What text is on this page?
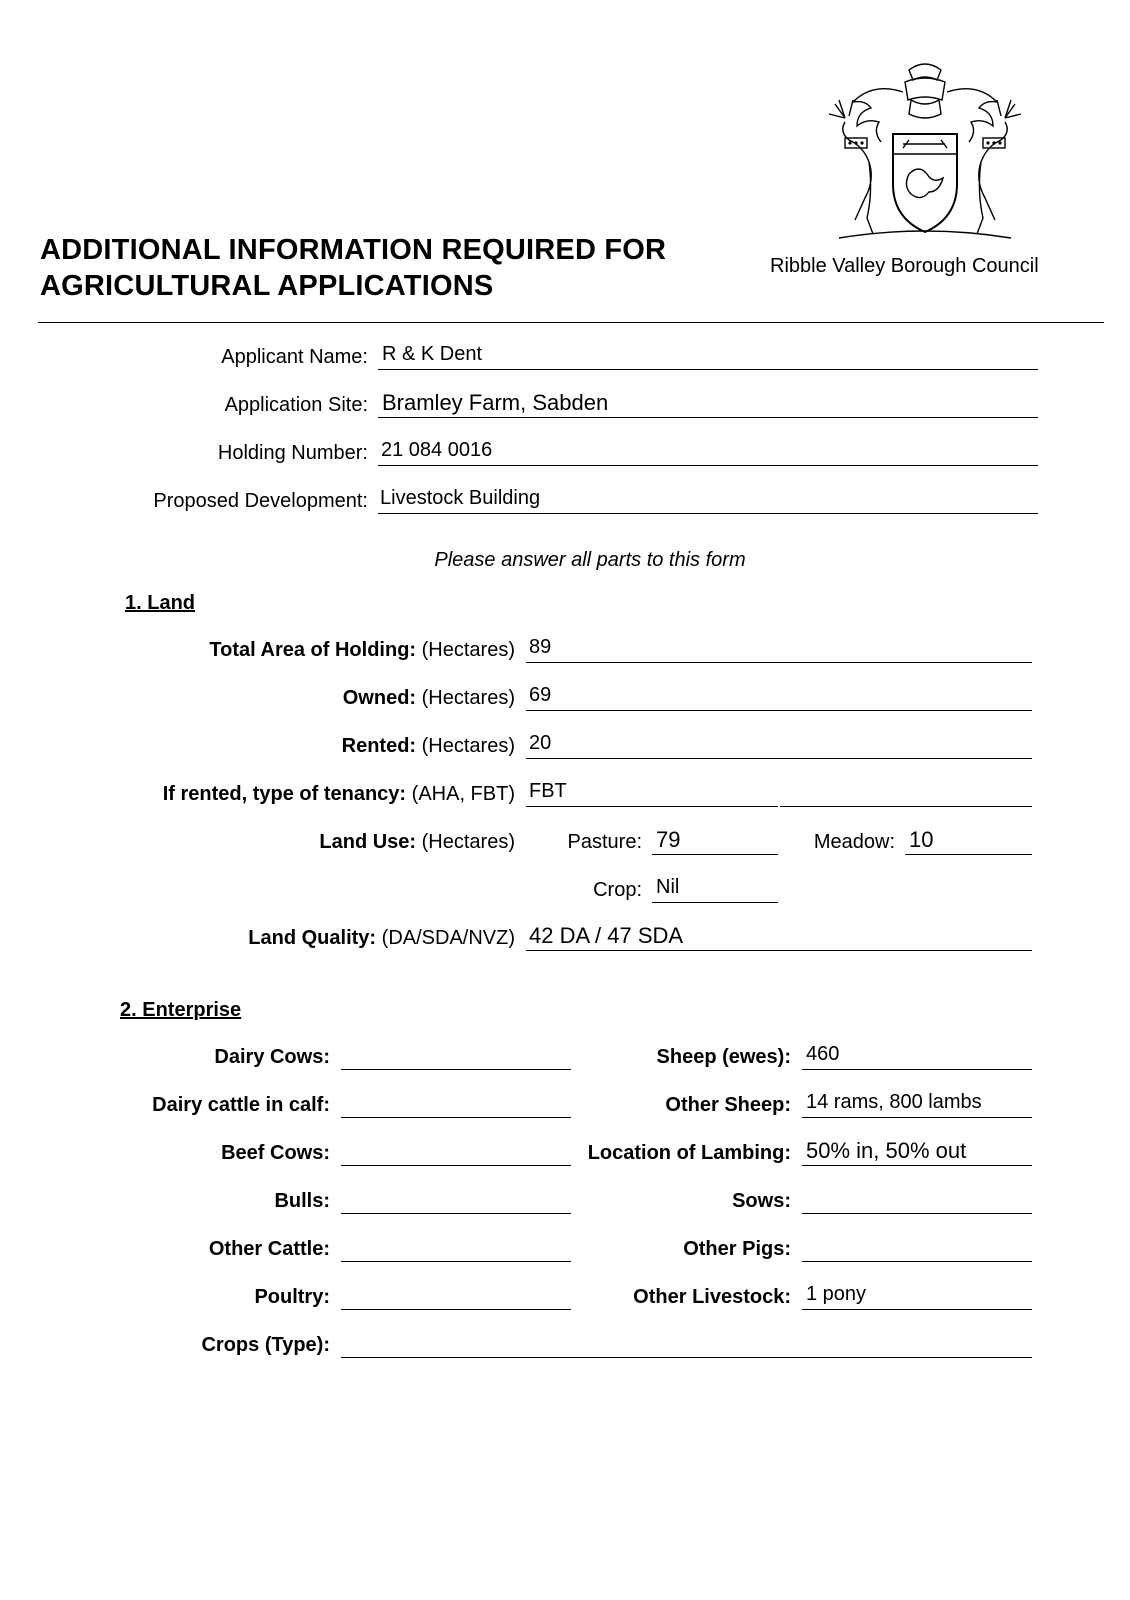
ADDITIONAL INFORMATION REQUIRED FOR
AGRICULTURAL APPLICATIONS
Ribble Valley Borough Council
Applicant Name: R & K Dent
Application Site: Bramley Farm, Sabden
Holding Number: 21 084 0016
Proposed Development: Livestock Building
Please answer all parts to this form
1. Land
Total Area of Holding: (Hectares) 89
Owned: (Hectares) 69
Rented: (Hectares) 20
If rented, type of tenancy: (AHA, FBT) FBT
Land Use: (Hectares)	Pasture: 79	Meadow: 10
Crop: Nil
Land Quality: (DA/SDA/NVZ) 42 DA / 47 SDA
2. Enterprise
Dairy Cows:
Dairy cattle in calf:
Beef Cows:
Bulls:
Other Cattle:
Poultry:
Sheep (ewes): 460
Other Sheep: 14 rams, 800 lambs
Location of Lambing: 50% in, 50% out
Sows:
Other Pigs:
Other Livestock: 1 pony
Crops (Type):
